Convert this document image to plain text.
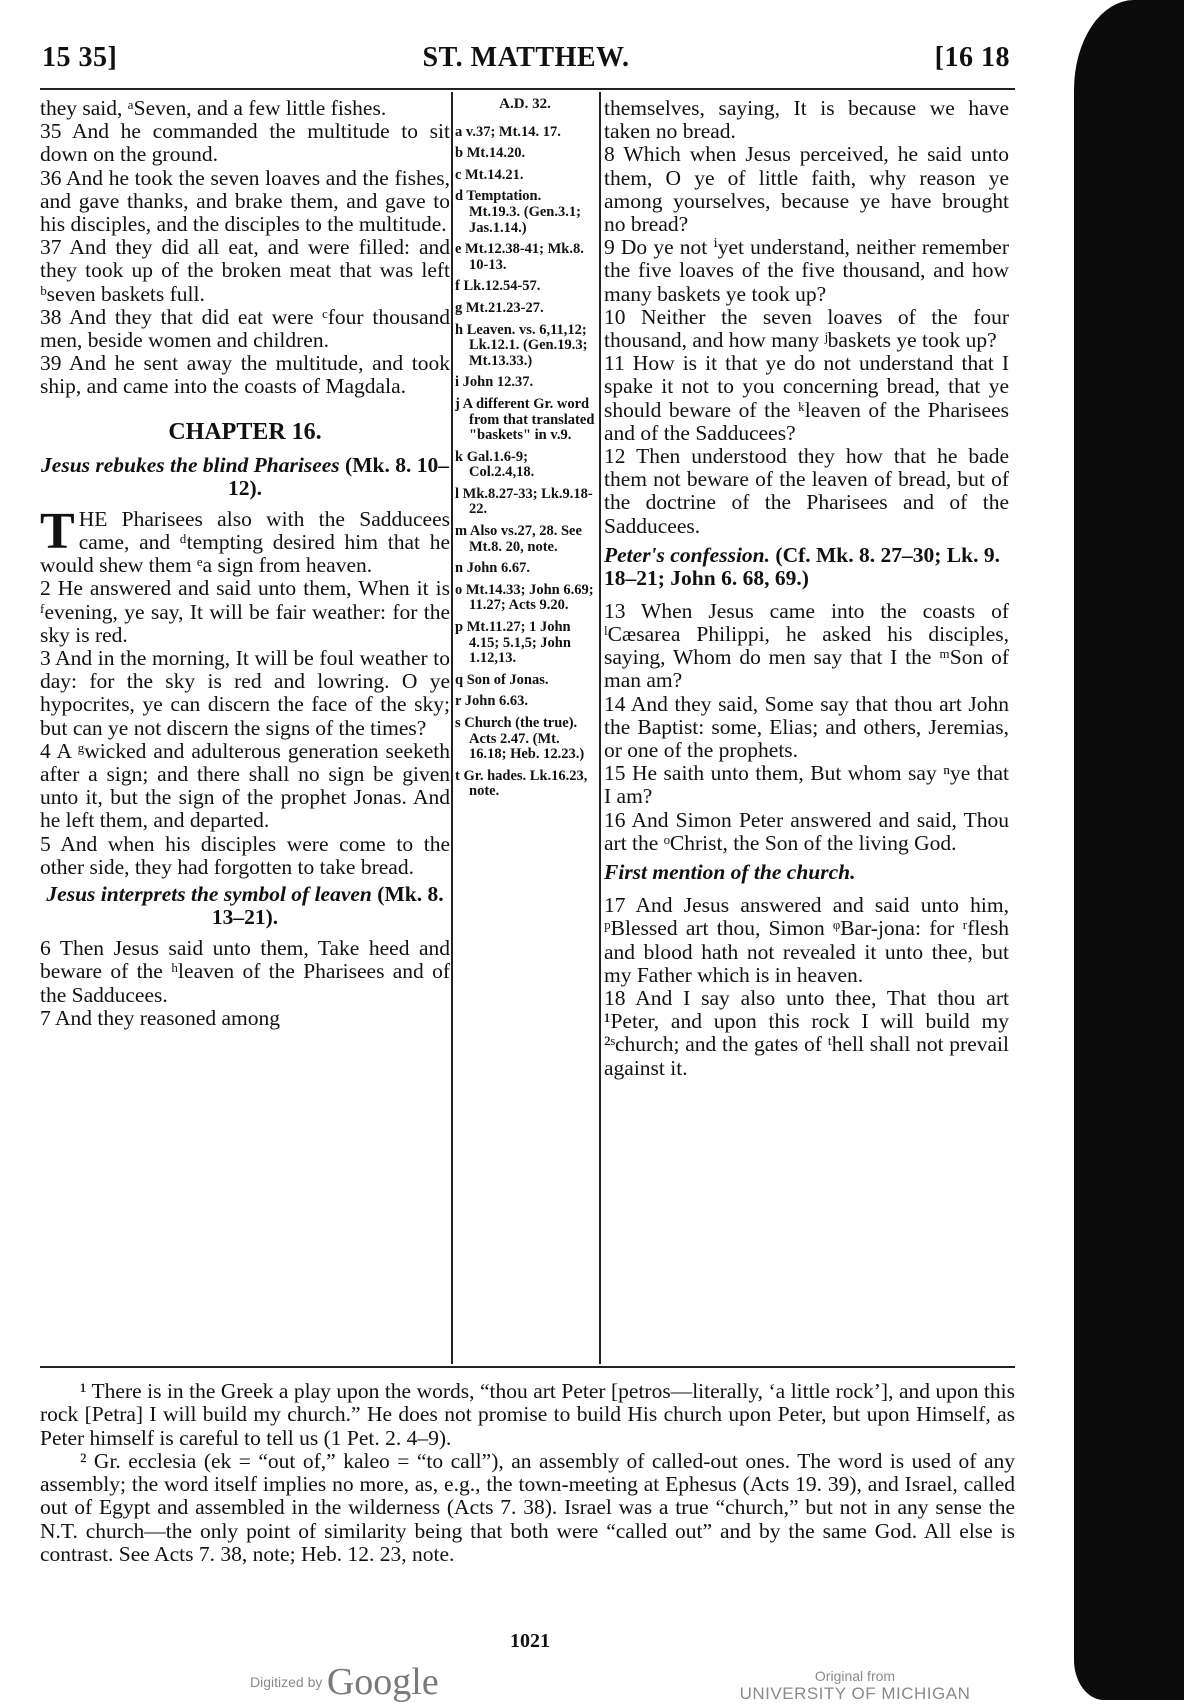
15 35]	ST. MATTHEW.	[16 18

they said, ᵃSeven, and a few little fishes.

35 And he commanded the multitude to sit down on the ground.

36 And he took the seven loaves and the fishes, and gave thanks, and brake them, and gave to his disciples, and the disciples to the multitude.

37 And they did all eat, and were filled: and they took up of the broken meat that was left ᵇseven baskets full.

38 And they that did eat were ᶜfour thousand men, beside women and children.

39 And he sent away the multitude, and took ship, and came into the coasts of Magdala.

CHAPTER 16.
Jesus rebukes the blind Pharisees (Mk. 8. 10–12).

THE Pharisees also with the Sadducees came, and ᵈtempting desired him that he would shew them ᵉa sign from heaven.

2 He answered and said unto them, When it is ᶠevening, ye say, It will be fair weather: for the sky is red.

3 And in the morning, It will be foul weather to day: for the sky is red and lowring. O ye hypocrites, ye can discern the face of the sky; but can ye not discern the signs of the times?

4 A ᵍwicked and adulterous generation seeketh after a sign; and there shall no sign be given unto it, but the sign of the prophet Jonas. And he left them, and departed.

5 And when his disciples were come to the other side, they had forgotten to take bread.

Jesus interprets the symbol of leaven (Mk. 8. 13–21).

6 Then Jesus said unto them, Take heed and beware of the ʰleaven of the Pharisees and of the Sadducees.

7 And they reasoned among

A.D. 32.

a v.37; Mt.14. 17.

b Mt.14.20.

c Mt.14.21.

d Temptation. Mt.19.3. (Gen.3.1; Jas.1.14.)

e Mt.12.38-41; Mk.8. 10-13.

f Lk.12.54-57.

g Mt.21.23-27.

h Leaven. vs. 6,11,12; Lk.12.1. (Gen.19.3; Mt.13.33.)

i John 12.37.

j A different Gr. word from that translated "baskets" in v.9.

k Gal.1.6-9; Col.2.4,18.

l Mk.8.27-33; Lk.9.18-22.

m Also vs.27, 28. See Mt.8. 20, note.

n John 6.67.

o Mt.14.33; John 6.69; 11.27; Acts 9.20.

p Mt.11.27; 1 John 4.15; 5.1,5; John 1.12,13.

q Son of Jonas.

r John 6.63.

s Church (the true). Acts 2.47. (Mt. 16.18; Heb. 12.23.)

t Gr. hades. Lk.16.23, note.

themselves, saying, It is because we have taken no bread.

8 Which when Jesus perceived, he said unto them, O ye of little faith, why reason ye among yourselves, because ye have brought no bread?

9 Do ye not ⁱyet understand, neither remember the five loaves of the five thousand, and how many baskets ye took up?

10 Neither the seven loaves of the four thousand, and how many ʲbaskets ye took up?

11 How is it that ye do not understand that I spake it not to you concerning bread, that ye should beware of the ᵏleaven of the Pharisees and of the Sadducees?

12 Then understood they how that he bade them not beware of the leaven of bread, but of the doctrine of the Pharisees and of the Sadducees.

Peter's confession. (Cf. Mk. 8. 27–30; Lk. 9. 18–21; John 6. 68, 69.)

13 When Jesus came into the coasts of ˡCæsarea Philippi, he asked his disciples, saying, Whom do men say that I the ᵐSon of man am?

14 And they said, Some say that thou art John the Baptist: some, Elias; and others, Jeremias, or one of the prophets.

15 He saith unto them, But whom say ⁿye that I am?

16 And Simon Peter answered and said, Thou art the ᵒChrist, the Son of the living God.

First mention of the church.

17 And Jesus answered and said unto him, ᵖBlessed art thou, Simon ᵠBar-jona: for ʳflesh and blood hath not revealed it unto thee, but my Father which is in heaven.

18 And I say also unto thee, That thou art ¹Peter, and upon this rock I will build my ²ˢchurch; and the gates of ᵗhell shall not prevail against it.

¹ There is in the Greek a play upon the words, “thou art Peter [petros—literally, ‘a little rock’], and upon this rock [Petra] I will build my church.” He does not promise to build His church upon Peter, but upon Himself, as Peter himself is careful to tell us (1 Pet. 2. 4–9).

² Gr. ecclesia (ek = “out of,” kaleo = “to call”), an assembly of called-out ones. The word is used of any assembly; the word itself implies no more, as, e.g., the town-meeting at Ephesus (Acts 19. 39), and Israel, called out of Egypt and assembled in the wilderness (Acts 7. 38). Israel was a true “church,” but not in any sense the N.T. church—the only point of similarity being that both were “called out” and by the same God. All else is contrast. See Acts 7. 38, note; Heb. 12. 23, note.

1021
Digitized by Google	Original from
UNIVERSITY OF MICHIGAN
